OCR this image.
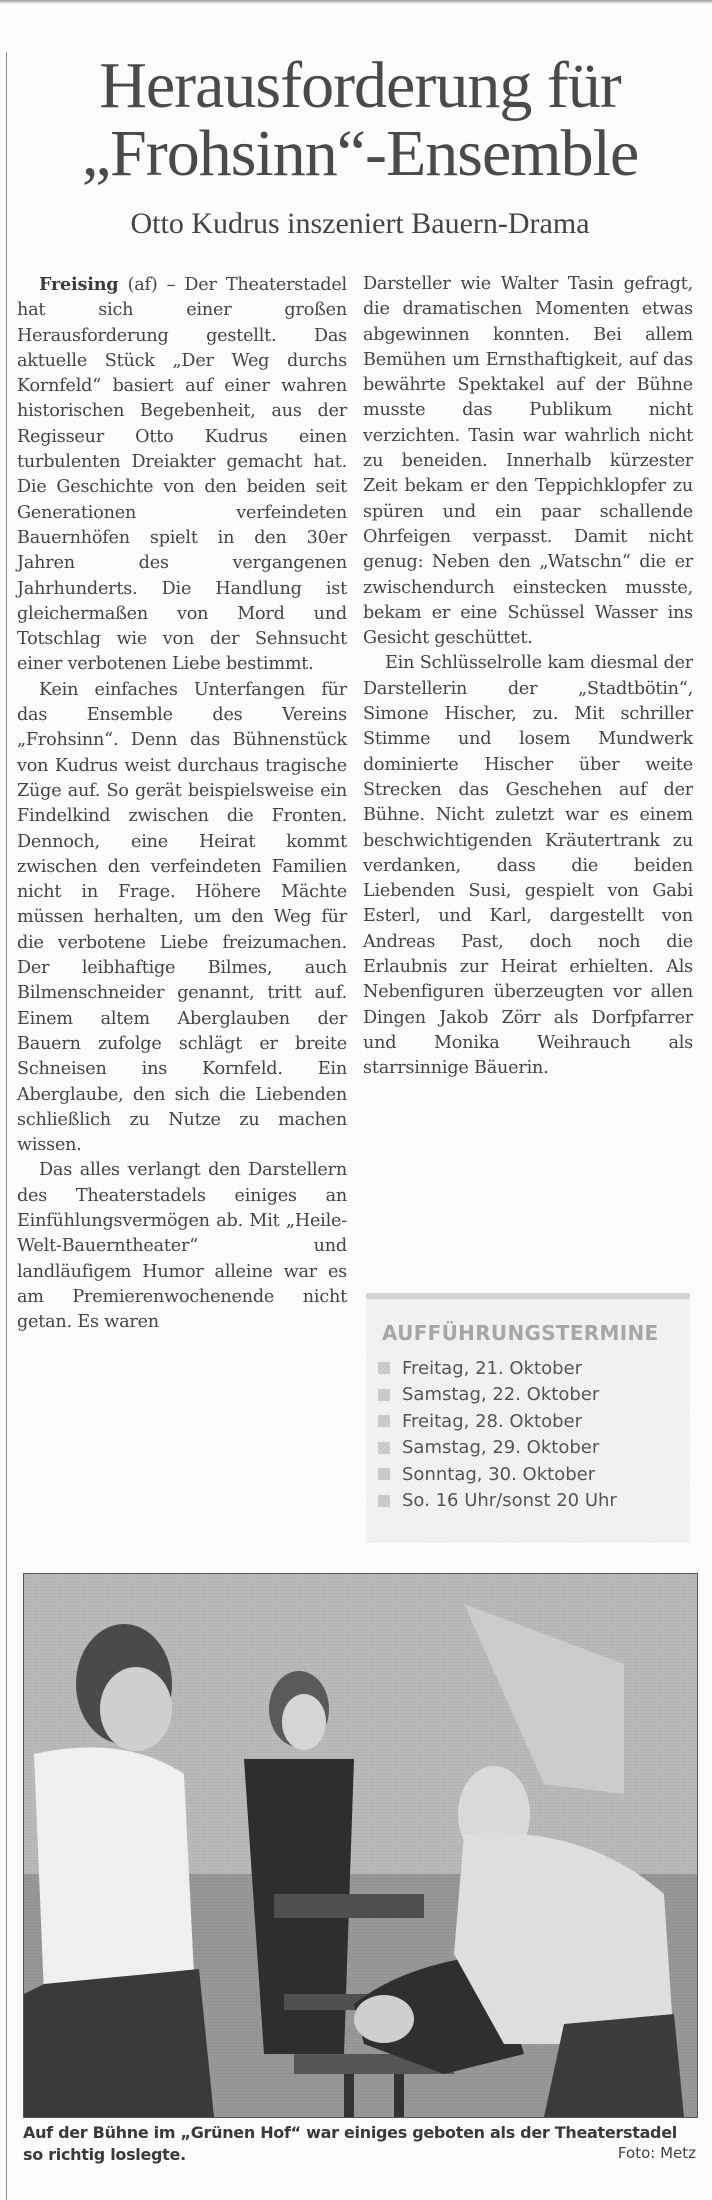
Herausforderung für
„Frohsinn“-Ensemble
Otto Kudrus inszeniert Bauern-Drama

Freising (af) – Der Theaterstadel hat sich einer großen Herausforderung gestellt. Das aktuelle Stück „Der Weg durchs Kornfeld“ basiert auf einer wahren historischen Begebenheit, aus der Regisseur Otto Kudrus einen turbulenten Dreiakter gemacht hat. Die Geschichte von den beiden seit Generationen verfeindeten Bauernhöfen spielt in den 30er Jahren des vergangenen Jahrhunderts. Die Handlung ist gleichermaßen von Mord und Totschlag wie von der Sehnsucht einer verbotenen Liebe bestimmt.

Kein einfaches Unterfangen für das Ensemble des Vereins „Frohsinn“. Denn das Bühnenstück von Kudrus weist durchaus tragische Züge auf. So gerät beispielsweise ein Findelkind zwischen die Fronten. Dennoch, eine Heirat kommt zwischen den verfeindeten Familien nicht in Frage. Höhere Mächte müssen herhalten, um den Weg für die verbotene Liebe freizumachen. Der leibhaftige Bilmes, auch Bilmenschneider genannt, tritt auf. Einem altem Aberglauben der Bauern zufolge schlägt er breite Schneisen ins Kornfeld. Ein Aberglaube, den sich die Liebenden schließlich zu Nutze zu machen wissen.

Das alles verlangt den Darstellern des Theaterstadels einiges an Einfühlungsvermögen ab. Mit „Heile-Welt-Bauerntheater“ und landläufigem Humor alleine war es am Premierenwochenende nicht getan. Es waren

Darsteller wie Walter Tasin gefragt, die dramatischen Momenten etwas abgewinnen konnten. Bei allem Bemühen um Ernsthaftigkeit, auf das bewährte Spektakel auf der Bühne musste das Publikum nicht verzichten. Tasin war wahrlich nicht zu beneiden. Innerhalb kürzester Zeit bekam er den Teppichklopfer zu spüren und ein paar schallende Ohrfeigen verpasst. Damit nicht genug: Neben den „Watschn“ die er zwischendurch einstecken musste, bekam er eine Schüssel Wasser ins Gesicht geschüttet.

Ein Schlüsselrolle kam diesmal der Darstellerin der „Stadtbötin“, Simone Hischer, zu. Mit schriller Stimme und losem Mundwerk dominierte Hischer über weite Strecken das Geschehen auf der Bühne. Nicht zuletzt war es einem beschwichtigenden Kräutertrank zu verdanken, dass die beiden Liebenden Susi, gespielt von Gabi Esterl, und Karl, dargestellt von Andreas Past, doch noch die Erlaubnis zur Heirat erhielten. Als Nebenfiguren überzeugten vor allen Dingen Jakob Zörr als Dorfpfarrer und Monika Weihrauch als starrsinnige Bäuerin.

AUFFÜHRUNGSTERMINE
Freitag, 21. Oktober
Samstag, 22. Oktober
Freitag, 28. Oktober
Samstag, 29. Oktober
Sonntag, 30. Oktober
So. 16 Uhr/sonst 20 Uhr
Auf der Bühne im „Grünen Hof“ war einiges geboten als der Theaterstadel so richtig loslegte.	Foto: Metz
